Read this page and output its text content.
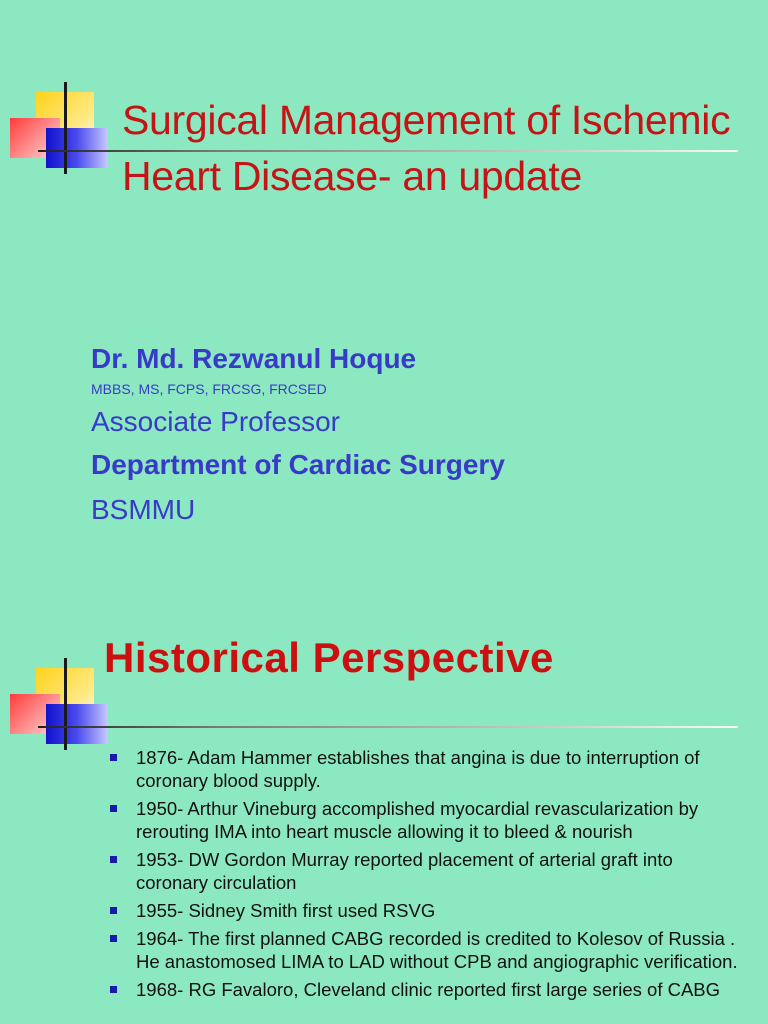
Surgical Management of Ischemic
Heart Disease- an update
Dr. Md. Rezwanul Hoque
MBBS, MS, FCPS, FRCSG, FRCSED
Associate Professor
Department of Cardiac Surgery
BSMMU
Historical Perspective
1876- Adam Hammer establishes that angina is due to interruption of coronary blood supply.
1950- Arthur Vineburg accomplished myocardial revascularization by rerouting IMA into heart muscle allowing it to bleed & nourish
1953- DW Gordon Murray reported placement of arterial graft into coronary circulation
1955- Sidney Smith first used RSVG
1964- The first planned CABG recorded is credited to Kolesov of Russia . He anastomosed LIMA to LAD without CPB and angiographic verification.
1968- RG Favaloro, Cleveland clinic reported first large series of CABG
